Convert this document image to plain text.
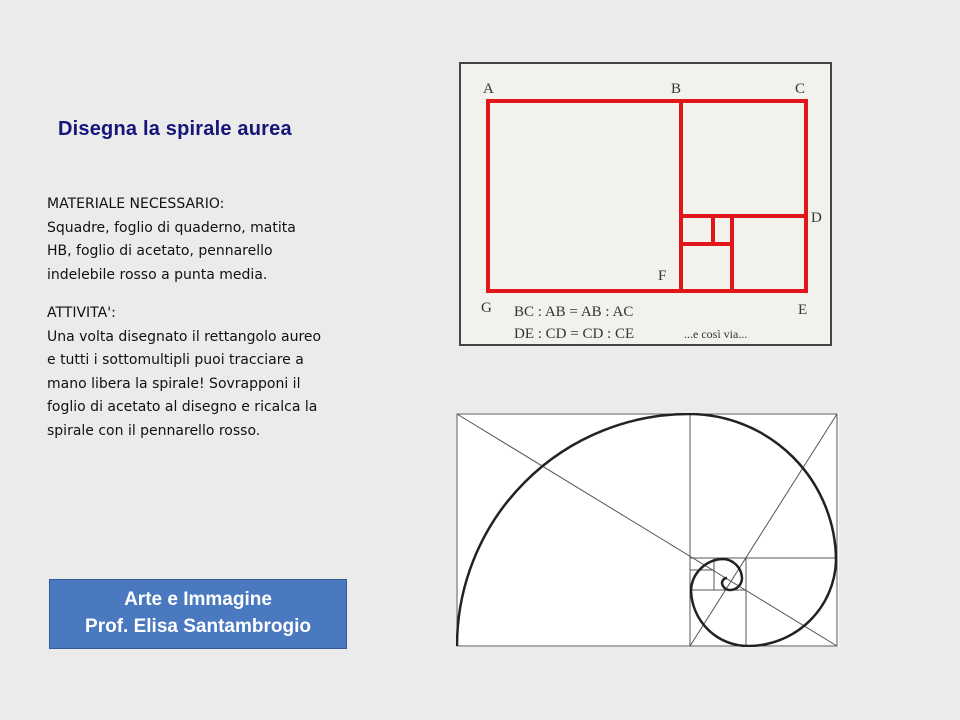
Disegna la spirale aurea
MATERIALE NECESSARIO:
Squadre, foglio di quaderno, matita
HB, foglio di acetato, pennarello
indelebile rosso a punta media.
ATTIVITA':
Una volta disegnato il rettangolo aureo
e tutti i sottomultipli puoi tracciare a
mano libera la spirale! Sovrapponi il
foglio di acetato al disegno e ricalca la
spirale con il pennarello rosso.
Arte e Immagine
Prof. Elisa Santambrogio
A	B	C
D
F
G	E
BC : AB = AB : AC
DE : CD = CD : CE	...e così via...
